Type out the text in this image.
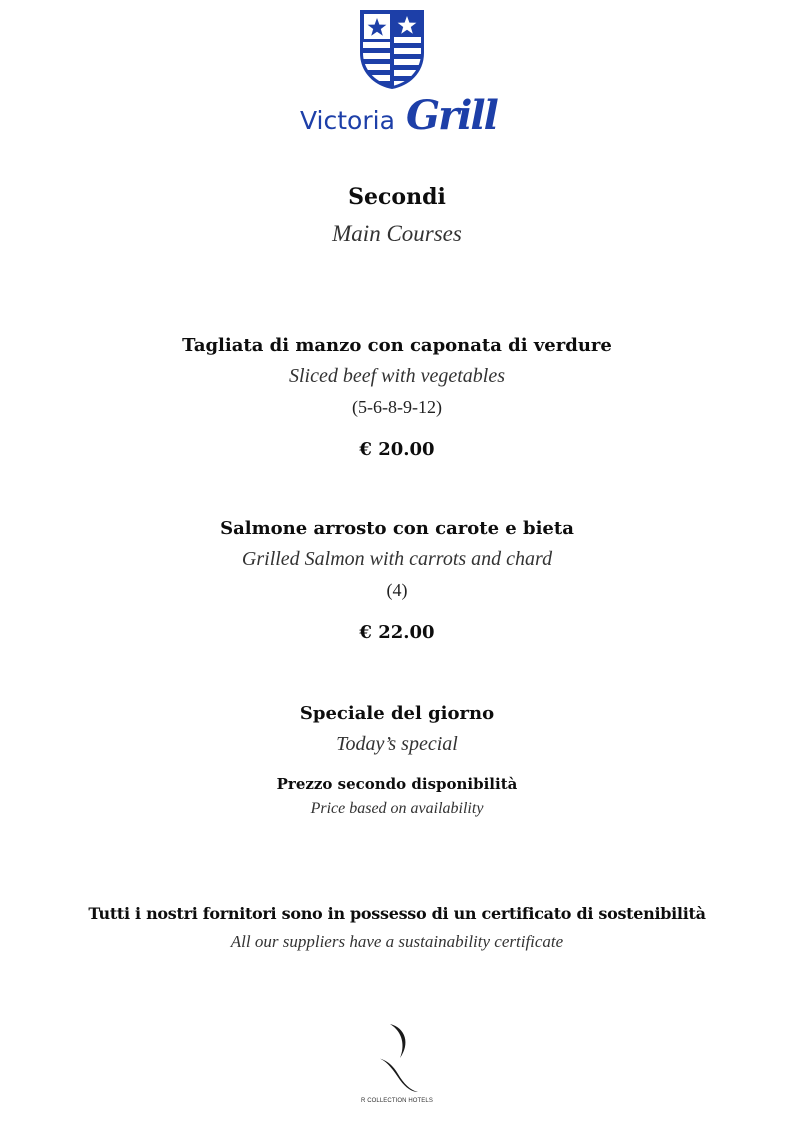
Victoria Grill
Secondi
Main Courses
Tagliata di manzo con caponata di verdure
Sliced beef with vegetables
(5-6-8-9-12)
€ 20.00
Salmone arrosto con carote e bieta
Grilled Salmon with carrots and chard
(4)
€ 22.00
Speciale del giorno
Today’s special
Prezzo secondo disponibilità
Price based on availability
Tutti i nostri fornitori sono in possesso di un certificato di sostenibilità
All our suppliers have a sustainability certificate
R COLLECTION HOTELS
